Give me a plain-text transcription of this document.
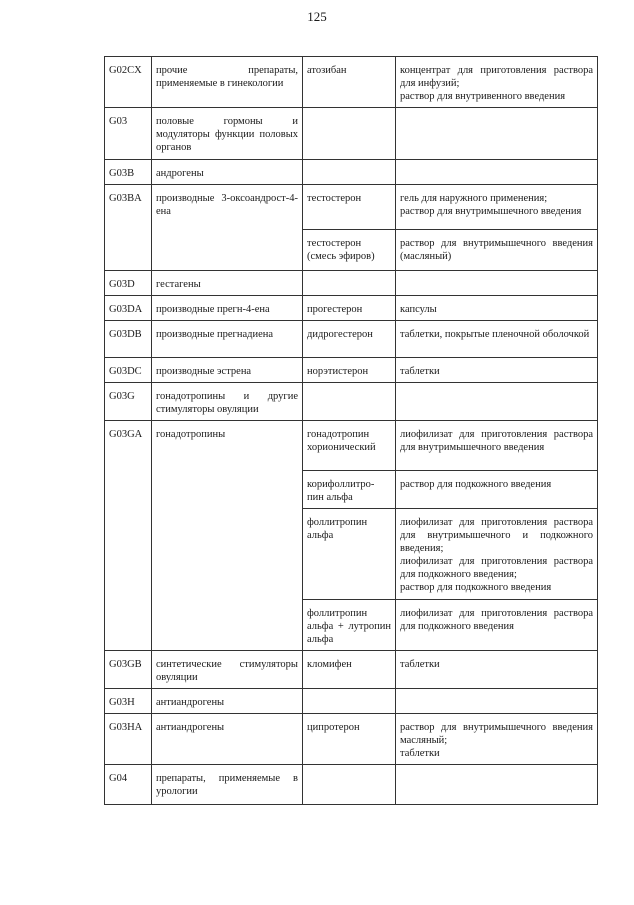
125
G02CX	прочие препараты, применяемые в гинекологии	атозибан	концентрат для приготовления раствора для инфузий;
раствор для внутривенного введения

G03	половые гормоны и модуляторы функции половых органов		
G03B	андрогены		
G03BA	производные 3-оксоандрост-4-ена	тестостерон	гель для наружного применения;
раствор для внутримышечного введения

		тестостерон (смесь эфиров)	раствор для внутримышечного введения (масляный)

G03D	гестагены		
G03DA	производные прегн-4-ена	прогестерон	капсулы

G03DB	производные прегнадиена	дидрогестерон	таблетки, покрытые пленочной оболочкой

G03DC	производные эстрена	норэтистерон	таблетки

G03G	гонадотропины и другие стимуляторы овуляции		
G03GA	гонадотропины	гонадотропин хорионический	лиофилизат для приготовления раствора для внутримышечного введения

		корифоллитро-пин альфа	раствор для подкожного введения

		фоллитропин альфа	лиофилизат для приготовления раствора для внутримышечного и подкожного введения;
лиофилизат для приготовления раствора для подкожного введения;
раствор для подкожного введения

		фоллитропин альфа + лутропин альфа	лиофилизат для приготовления раствора для подкожного введения

G03GB	синтетические стимуляторы овуляции	кломифен	таблетки

G03H	антиандрогены		
G03HA	антиандрогены	ципротерон	раствор для внутримышечного введения масляный;
таблетки

G04	препараты, применяемые в урологии		
